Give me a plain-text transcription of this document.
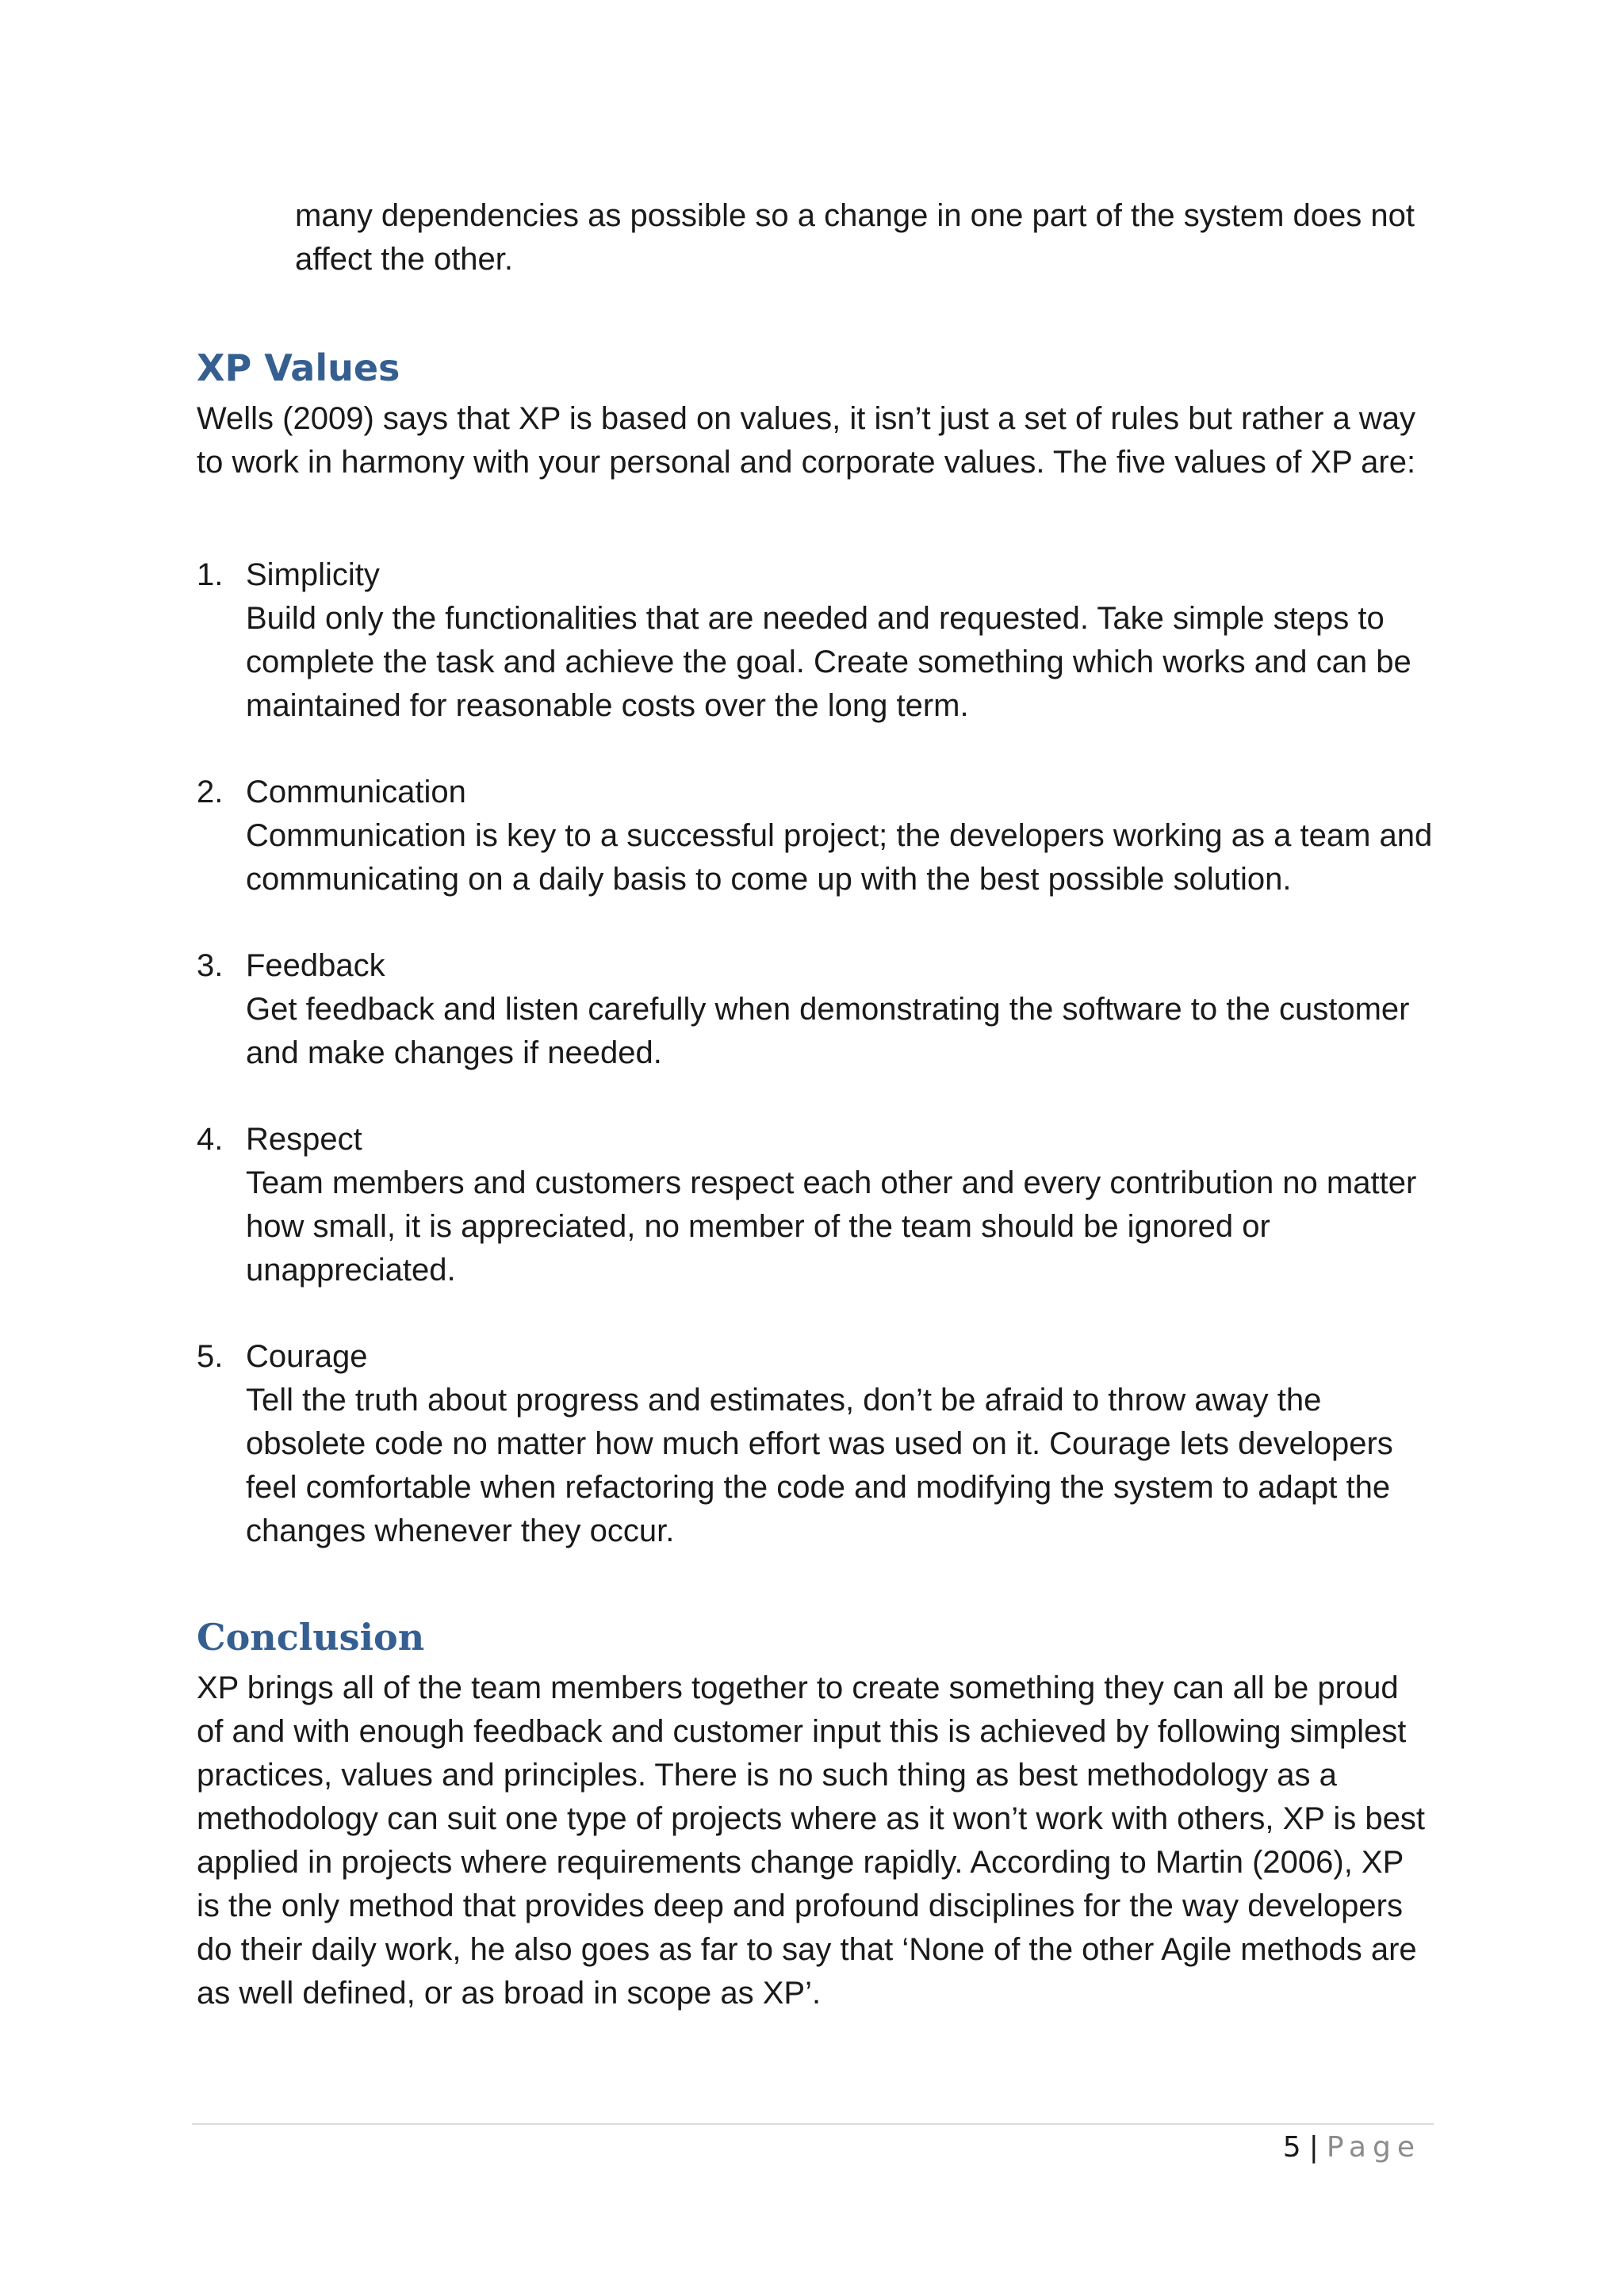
many dependencies as possible so a change in one part of the system does not affect the other.

XP Values

Wells (2009) says that XP is based on values, it isn’t just a set of rules but rather a way to work in harmony with your personal and corporate values. The five values of XP are:

1. Simplicity

Build only the functionalities that are needed and requested. Take simple steps to complete the task and achieve the goal. Create something which works and can be maintained for reasonable costs over the long term.

2. Communication

Communication is key to a successful project; the developers working as a team and communicating on a daily basis to come up with the best possible solution.

3. Feedback

Get feedback and listen carefully when demonstrating the software to the customer and make changes if needed.

4. Respect

Team members and customers respect each other and every contribution no matter how small, it is appreciated, no member of the team should be ignored or unappreciated.

5. Courage

Tell the truth about progress and estimates, don’t be afraid to throw away the obsolete code no matter how much effort was used on it. Courage lets developers feel comfortable when refactoring the code and modifying the system to adapt the changes whenever they occur.

Conclusion

XP brings all of the team members together to create something they can all be proud of and with enough feedback and customer input this is achieved by following simplest practices, values and principles. There is no such thing as best methodology as a methodology can suit one type of projects where as it won’t work with others, XP is best applied in projects where requirements change rapidly. According to Martin (2006), XP is the only method that provides deep and profound disciplines for the way developers do their daily work, he also goes as far to say that ‘None of the other Agile methods are as well defined, or as broad in scope as XP’.

5 | Page
